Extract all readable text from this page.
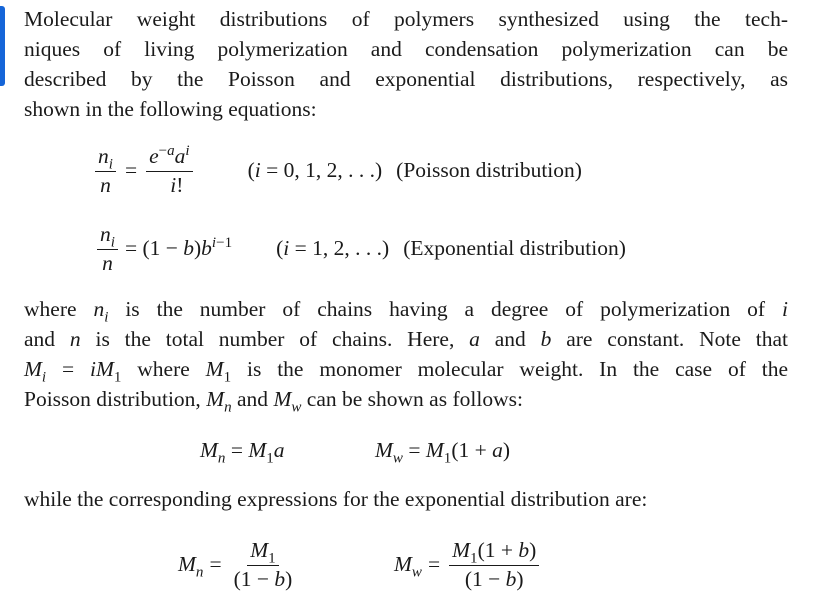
Molecular weight distributions of polymers synthesized using the tech-
niques of living polymerization and condensation polymerization can be
described by the Poisson and exponential distributions, respectively, as
shown in the following equations:
$\frac{n_i}{n} = \frac{e^{-a}a^i}{i!}$	(i = 0, 1, 2, . . .) (Poisson distribution)
$\frac{n_i}{n} = (1 - b)b^{i-1}$ (i = 1, 2, . . .) (Exponential distribution)
where $n_i$ is the number of chains having a degree of polymerization of i
and n is the total number of chains. Here, a and b are constant. Note that
$M_i = iM_1$ where $M_1$ is the monomer molecular weight. In the case of the
Poisson distribution, $M_n$ and $M_w$ can be shown as follows:
$M_n = M_1a$	$M_w = M_1(1 + a)$
while the corresponding expressions for the exponential distribution are:
$M_n = \frac{M_1}{(1 - b)}$	$M_w = \frac{M_1(1 + b)}{(1 - b)}$
